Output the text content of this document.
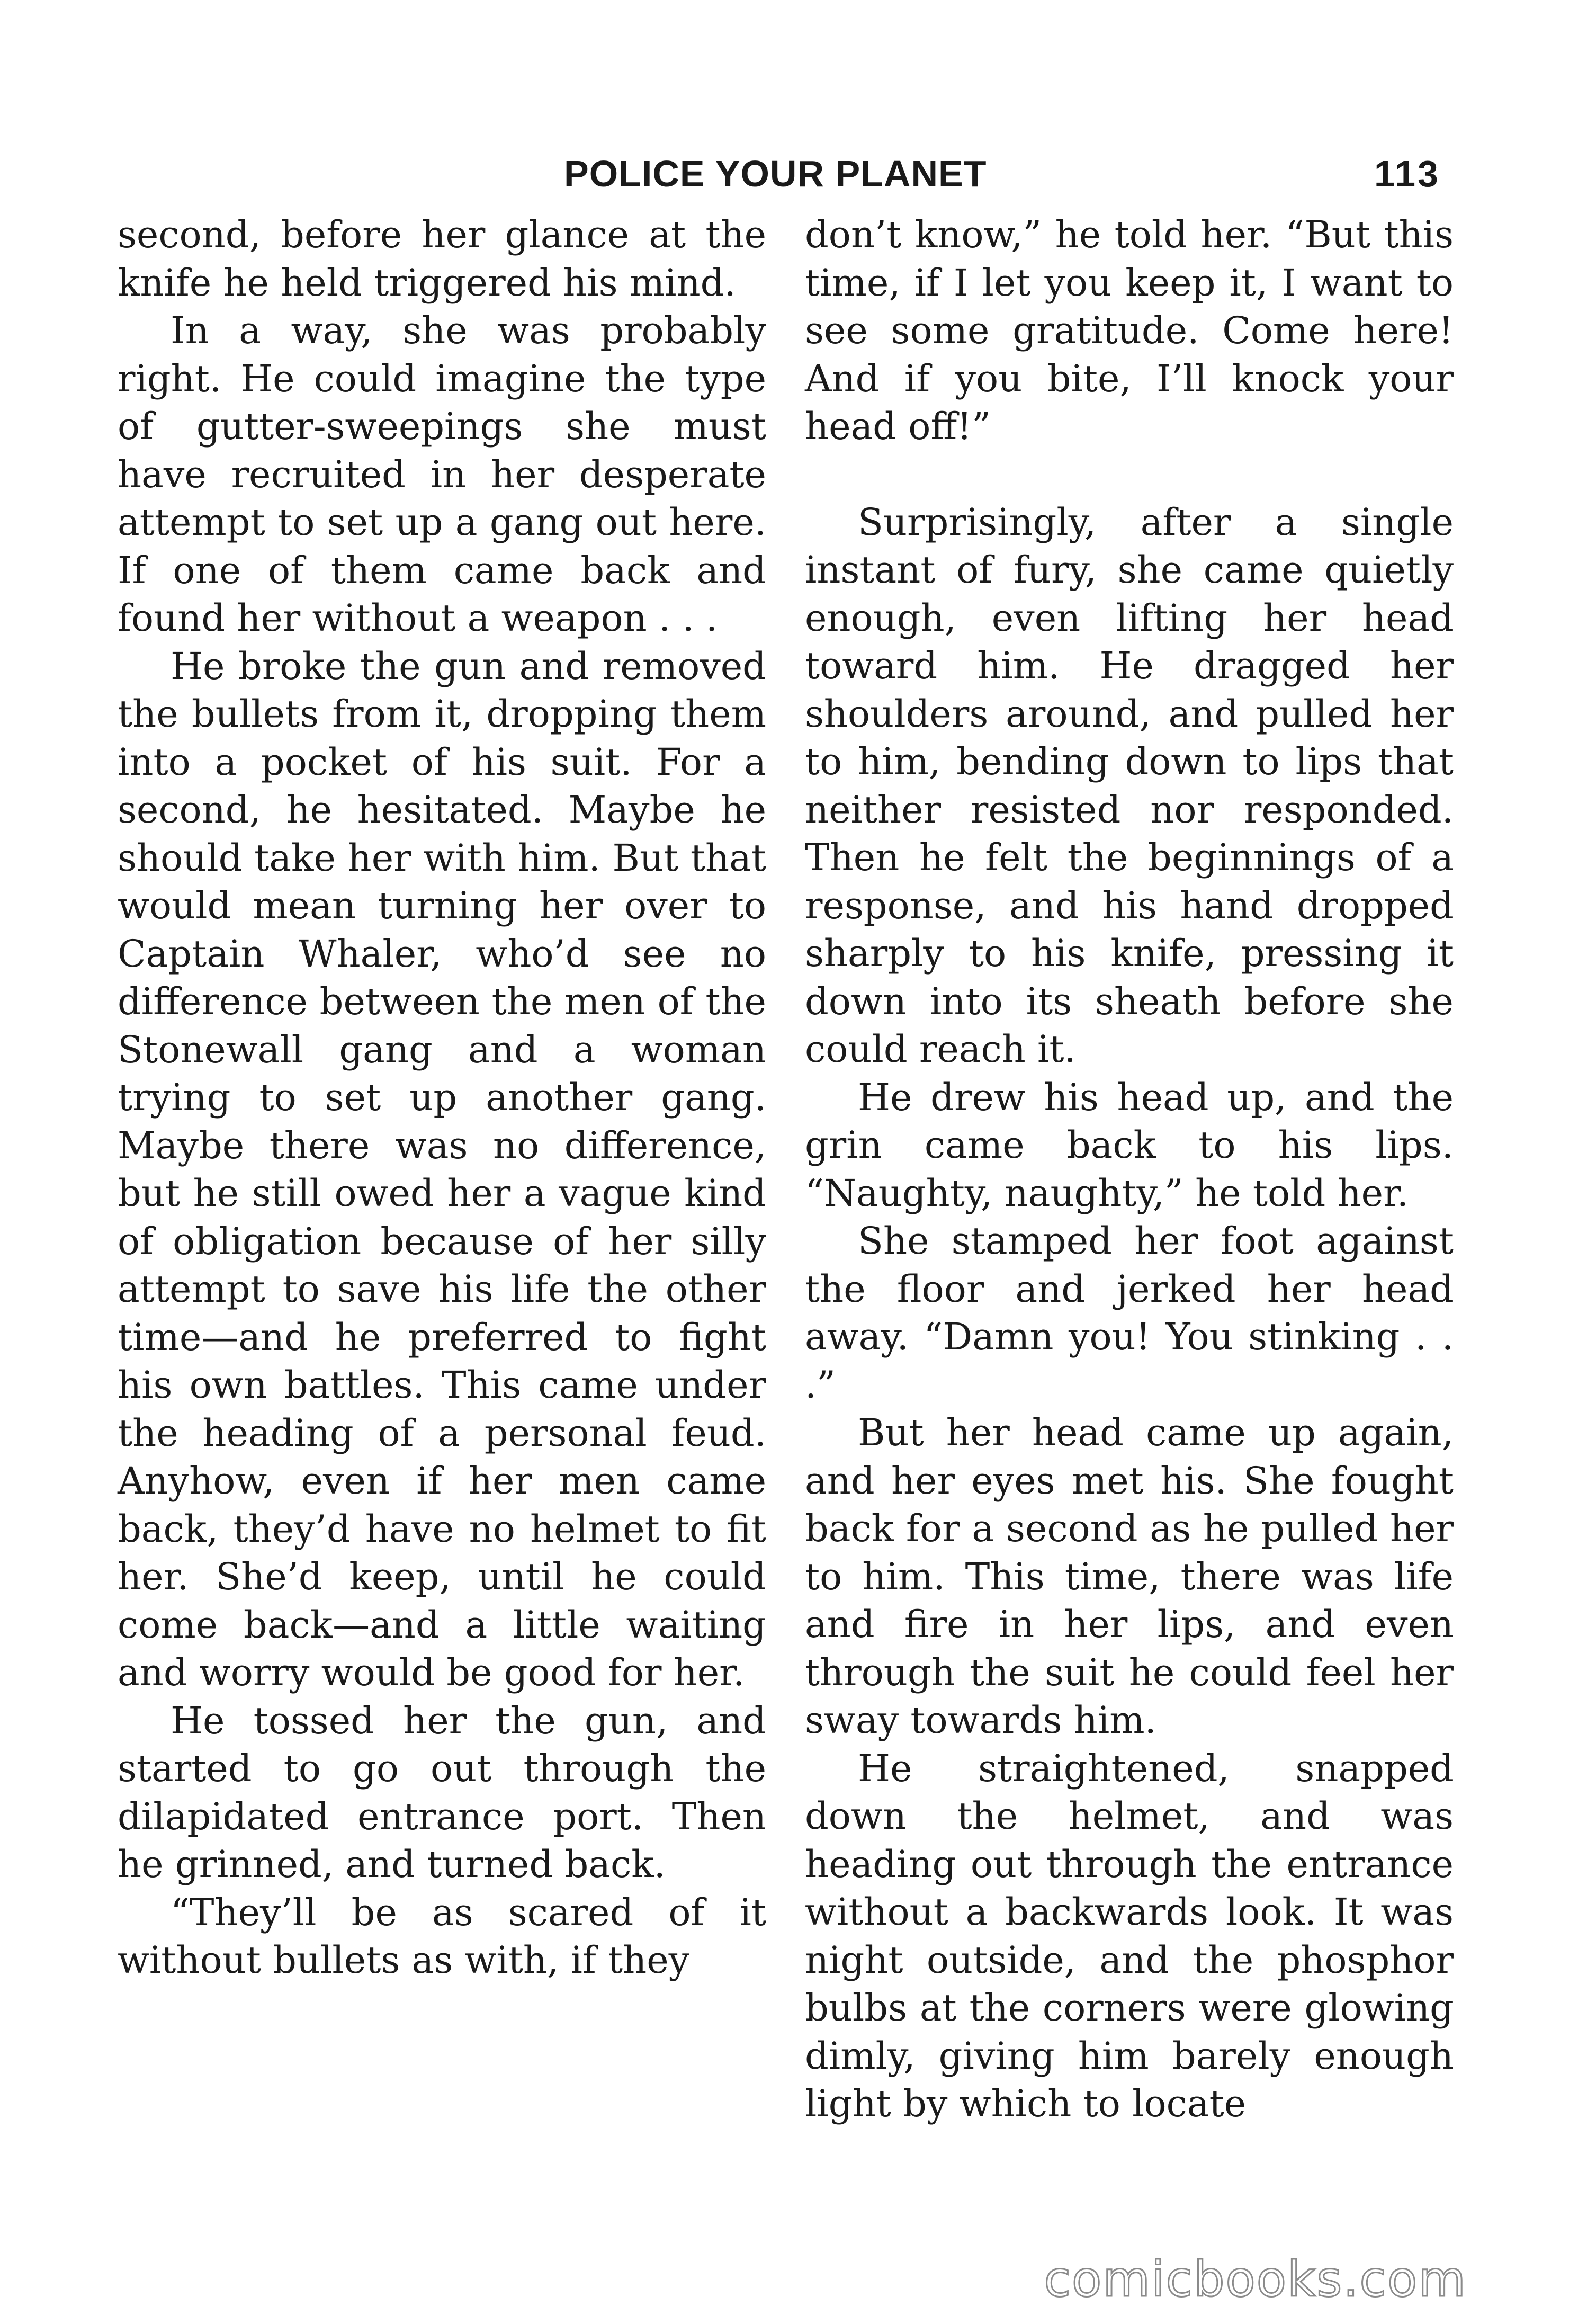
POLICE YOUR PLANET	113

second, before her glance at the knife he held triggered his mind.

In a way, she was probably right. He could imagine the type of gutter-sweepings she must have recruited in her desperate attempt to set up a gang out here. If one of them came back and found her without a weapon . . .

He broke the gun and removed the bullets from it, dropping them into a pocket of his suit. For a second, he hesitated. Maybe he should take her with him. But that would mean turning her over to Captain Whaler, who’d see no difference between the men of the Stonewall gang and a woman trying to set up another gang. Maybe there was no difference, but he still owed her a vague kind of obligation because of her silly attempt to save his life the other time—and he preferred to fight his own battles. This came under the heading of a personal feud. Anyhow, even if her men came back, they’d have no helmet to fit her. She’d keep, until he could come back—and a little waiting and worry would be good for her.

He tossed her the gun, and started to go out through the dilapidated entrance port. Then he grinned, and turned back.

“They’ll be as scared of it without bullets as with, if they

don’t know,” he told her. “But this time, if I let you keep it, I want to see some gratitude. Come here! And if you bite, I’ll knock your head off!”

Surprisingly, after a single instant of fury, she came quietly enough, even lifting her head toward him. He dragged her shoulders around, and pulled her to him, bending down to lips that neither resisted nor responded. Then he felt the beginnings of a response, and his hand dropped sharply to his knife, pressing it down into its sheath before she could reach it.

He drew his head up, and the grin came back to his lips. “Naughty, naughty,” he told her.

She stamped her foot against the floor and jerked her head away. “Damn you! You stinking . . .”

But her head came up again, and her eyes met his. She fought back for a second as he pulled her to him. This time, there was life and fire in her lips, and even through the suit he could feel her sway towards him.

He straightened, snapped down the helmet, and was heading out through the entrance without a backwards look. It was night outside, and the phosphor bulbs at the corners were glowing dimly, giving him barely enough light by which to locate

comicbooks.com
